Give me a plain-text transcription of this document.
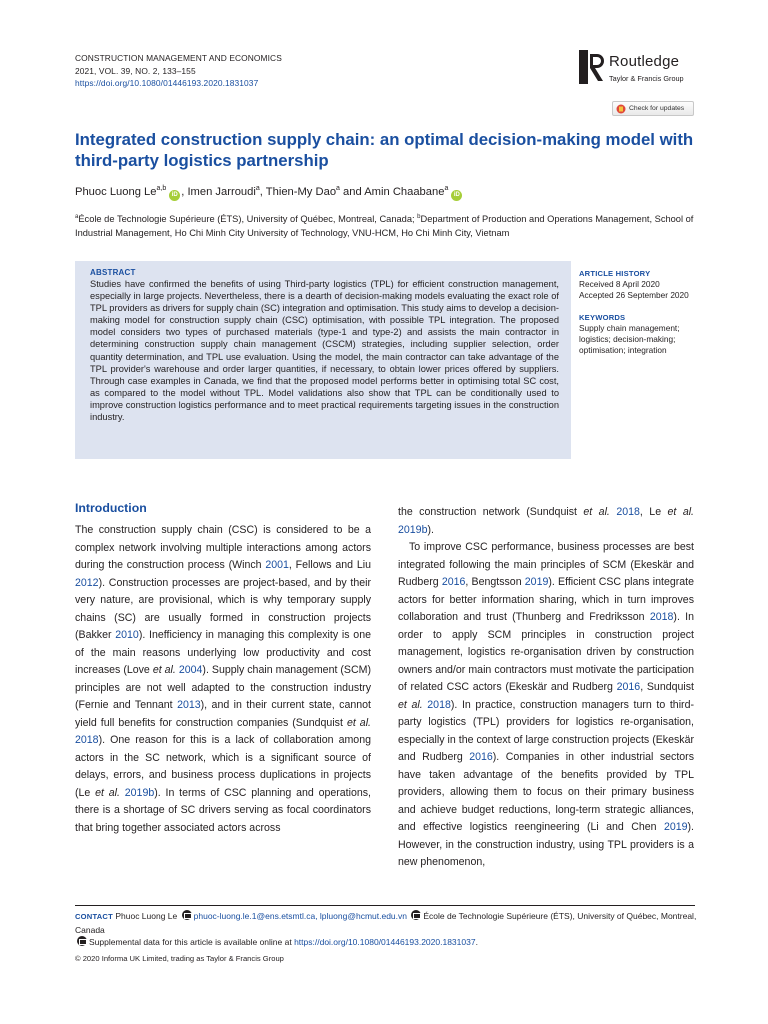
CONSTRUCTION MANAGEMENT AND ECONOMICS
2021, VOL. 39, NO. 2, 133–155
https://doi.org/10.1080/01446193.2020.1831037
Routledge
Taylor & Francis Group
Check for updates
Integrated construction supply chain: an optimal decision-making model with third-party logistics partnership
Phuoc Luong Le$^{a,b}$iD , Imen Jarroudi$^a$, Thien-My Dao$^a$ and Amin Chaabane$^a$iD
$^a$École de Technologie Supérieure (ÉTS), University of Québec, Montreal, Canada; $^b$Department of Production and Operations Management, School of Industrial Management, Ho Chi Minh City University of Technology, VNU-HCM, Ho Chi Minh City, Vietnam
ABSTRACT
Studies have confirmed the benefits of using Third-party logistics (TPL) for efficient construction management, especially in large projects. Nevertheless, there is a dearth of decision-making models evaluating the exact role of TPL providers as drivers for supply chain (SC) integration and optimisation. This study aims to develop a decision-making model for construction supply chain (CSC) optimisation, with possible TPL integration. The proposed model considers two types of purchased materials (type-1 and type-2) and assists the main contractor in determining construction supply chain management (CSCM) strategies, including supplier selection, order quantity determination, and TPL use evaluation. Using the model, the main contractor can take advantage of the TPL provider's warehouse and order larger quantities, if necessary, to obtain lower prices offered by suppliers. Through case examples in Canada, we find that the proposed model performs better in optimising total SC cost, as compared to the model without TPL. Model validations also show that TPL can be conditionally used to improve construction logistics performance and to meet practical requirements targeting issues in the construction industry.
ARTICLE HISTORY
Received 8 April 2020
Accepted 26 September 2020
KEYWORDS
Supply chain management; logistics; decision-making; optimisation; integration
Introduction

The construction supply chain (CSC) is considered to be a complex network involving multiple interactions among actors during the construction process (Winch 2001, Fellows and Liu 2012). Construction processes are project-based, and by their very nature, are provisional, which is why temporary supply chains (SC) are usually formed in construction projects (Bakker 2010). Inefficiency in managing this complexity is one of the main reasons underlying low productivity and cost increases (Love et al. 2004). Supply chain management (SCM) principles are not well adapted to the construction industry (Fernie and Tennant 2013), and in their current state, cannot yield full benefits for construction companies (Sundquist et al. 2018). One reason for this is a lack of collaboration among actors in the SC network, which is a significant source of delays, errors, and business process duplications in projects (Le et al. 2019b). In terms of CSC planning and operations, there is a shortage of SC drivers serving as focal coordinators that bring together associated actors across

the construction network (Sundquist et al. 2018, Le et al. 2019b).

To improve CSC performance, business processes are best integrated following the main principles of SCM (Ekeskär and Rudberg 2016, Bengtsson 2019). Efficient CSC plans integrate actors for better information sharing, which in turn improves collaboration and trust (Thunberg and Fredriksson 2018). In order to apply SCM principles in construction project management, logistics re-organisation driven by construction owners and/or main contractors must motivate the participation of related CSC actors (Ekeskär and Rudberg 2016, Sundquist et al. 2018). In practice, construction managers turn to third-party logistics (TPL) providers for logistics re-organisation, especially in the context of large construction projects (Ekeskär and Rudberg 2016). Companies in other industrial sectors have taken advantage of the benefits provided by TPL providers, allowing them to focus on their primary business and achieve budget reductions, long-term strategic alliances, and effective logistics reengineering (Li and Chen 2019). However, in the construction industry, using TPL providers is a new phenomenon,

CONTACT Phuoc Luong Le phuoc-luong.le.1@ens.etsmtl.ca, lpluong@hcmut.edu.vn École de Technologie Supérieure (ÉTS), University of Québec, Montreal, Canada
Supplemental data for this article is available online at https://doi.org/10.1080/01446193.2020.1831037.
© 2020 Informa UK Limited, trading as Taylor & Francis Group
